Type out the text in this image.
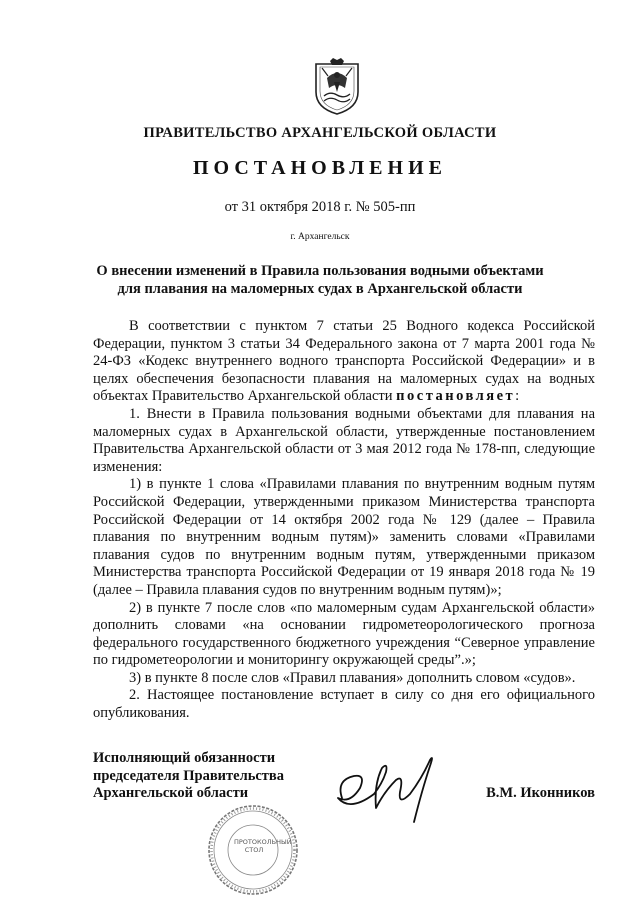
ПРАВИТЕЛЬСТВО АРХАНГЕЛЬСКОЙ ОБЛАСТИ
ПОСТАНОВЛЕНИЕ
от 31 октября 2018 г. № 505-пп
г. Архангельск
О внесении изменений в Правила пользования водными объектами
для плавания на маломерных судах в Архангельской области

В соответствии с пунктом 7 статьи 25 Водного кодекса Российской Федерации, пунктом 3 статьи 34 Федерального закона от 7 марта 2001 года № 24-ФЗ «Кодекс внутреннего водного транспорта Российской Федерации» и в целях обеспечения безопасности плавания на маломерных судах на водных объектах Правительство Архангельской области постановляет:

1. Внести в Правила пользования водными объектами для плавания на маломерных судах в Архангельской области, утвержденные постановлением Правительства Архангельской области от 3 мая 2012 года № 178-пп, следующие изменения:

1) в пункте 1 слова «Правилами плавания по внутренним водным путям Российской Федерации, утвержденными приказом Министерства транспорта Российской Федерации от 14 октября 2002 года № 129 (далее – Правила плавания по внутренним водным путям)» заменить словами «Правилами плавания судов по внутренним водным путям, утвержденными приказом Министерства транспорта Российской Федерации от 19 января 2018 года № 19 (далее – Правила плавания судов по внутренним водным путям)»;

2) в пункте 7 после слов «по маломерным судам Архангельской области» дополнить словами «на основании гидрометеорологического прогноза федерального государственного бюджетного учреждения “Северное управление по гидрометеорологии и мониторингу окружающей среды”.»;

3) в пункте 8 после слов «Правил плавания» дополнить словом «судов».

2. Настоящее постановление вступает в силу со дня его официального опубликования.

Исполняющий обязанности
председателя Правительства
Архангельской области	В.М. Иконников
ПРОТОКОЛЬНЫЙ
СТОЛ
